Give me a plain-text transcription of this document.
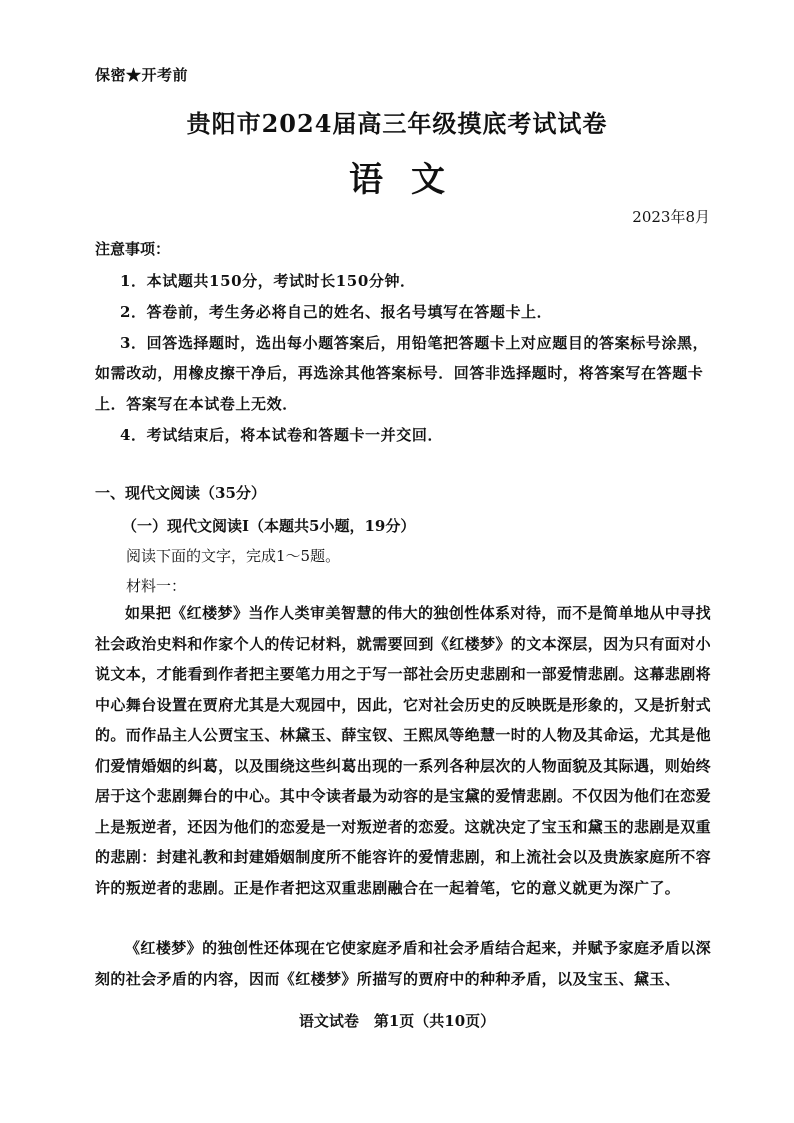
保密★开考前
贵阳市2024届高三年级摸底考试试卷
语文
2023年8月
注意事项：
1．本试题共150分，考试时长150分钟．
2．答卷前，考生务必将自己的姓名、报名号填写在答题卡上．
3．回答选择题时，选出每小题答案后，用铅笔把答题卡上对应题目的答案标号涂黑，
如需改动，用橡皮擦干净后，再选涂其他答案标号．回答非选择题时，将答案写在答题卡
上．答案写在本试卷上无效．
4．考试结束后，将本试卷和答题卡一并交回．
一、现代文阅读（35分）
（一）现代文阅读Ⅰ（本题共5小题，19分）
阅读下面的文字，完成1～5题。
材料一：

如果把《红楼梦》当作人类审美智慧的伟大的独创性体系对待，而不是简单地从中寻找社会政治史料和作家个人的传记材料，就需要回到《红楼梦》的文本深层，因为只有面对小说文本，才能看到作者把主要笔力用之于写一部社会历史悲剧和一部爱情悲剧。这幕悲剧将中心舞台设置在贾府尤其是大观园中，因此，它对社会历史的反映既是形象的，又是折射式的。而作品主人公贾宝玉、林黛玉、薛宝钗、王熙凤等绝慧一时的人物及其命运，尤其是他们爱情婚姻的纠葛，以及围绕这些纠葛出现的一系列各种层次的人物面貌及其际遇，则始终居于这个悲剧舞台的中心。其中令读者最为动容的是宝黛的爱情悲剧。不仅因为他们在恋爱上是叛逆者，还因为他们的恋爱是一对叛逆者的恋爱。这就决定了宝玉和黛玉的悲剧是双重的悲剧：封建礼教和封建婚姻制度所不能容许的爱情悲剧，和上流社会以及贵族家庭所不容许的叛逆者的悲剧。正是作者把这双重悲剧融合在一起着笔，它的意义就更为深广了。

《红楼梦》的独创性还体现在它使家庭矛盾和社会矛盾结合起来，并赋予家庭矛盾以深刻的社会矛盾的内容，因而《红楼梦》所描写的贾府中的种种矛盾，以及宝玉、黛玉、

语文试卷　第1页（共10页）
